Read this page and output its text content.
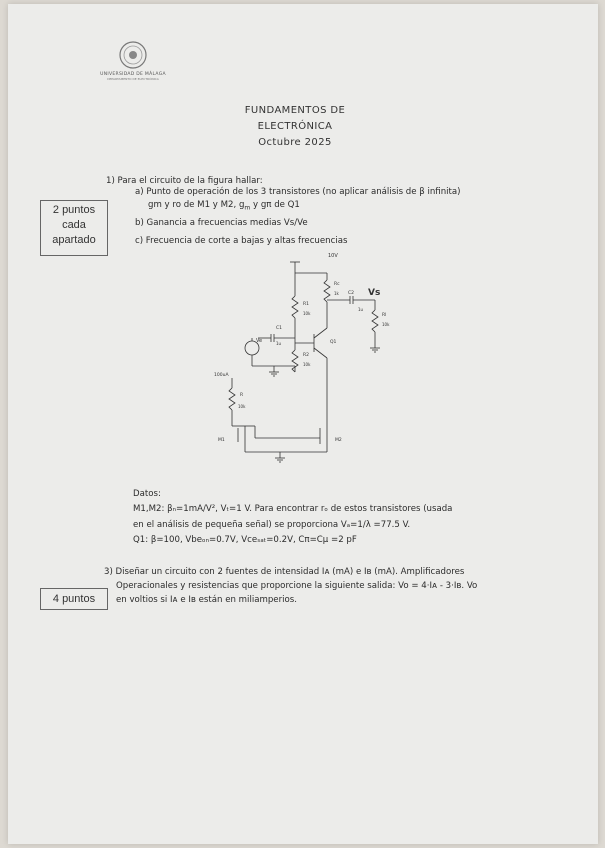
UNIVERSIDAD DE MÁLAGA
DEPARTAMENTO DE ELECTRÓNICA
FUNDAMENTOS DE
ELECTRÓNICA
Octubre 2025
1) Para el circuito de la figura hallar:
a) Punto de operación de los 3 transistores (no aplicar análisis de β infinita)
gm y ro de M1 y M2, $g_m$ y gπ de Q1
b) Ganancia a frecuencias medias Vs/Ve
c) Frecuencia de corte a bajas y altas frecuencias
2 puntos
cada
apartado
10V
Rc
1k
R1
10k
C2
1u
Vs
Rl
10k
C1
1u
Ve	Q1
R2
10k
100uA
R
10k
M1	M2
Datos:
M1,M2: βₙ=1mA/V², Vₜ=1 V. Para encontrar rₒ de estos transistores (usada
en el análisis de pequeña señal) se proporciona Vₐ=1/λ =77.5 V.
Q1: β=100, Vbeₒₙ=0.7V, Vceₛₐₜ=0.2V, Cπ=Cμ =2 pF
3) Diseñar un circuito con 2 fuentes de intensidad Iᴀ (mA) e Iʙ (mA). Amplificadores
Operacionales y resistencias que proporcione la siguiente salida: Vo = 4·Iᴀ - 3·Iʙ. Vo
en voltios si Iᴀ e Iʙ están en miliamperios.
4 puntos
